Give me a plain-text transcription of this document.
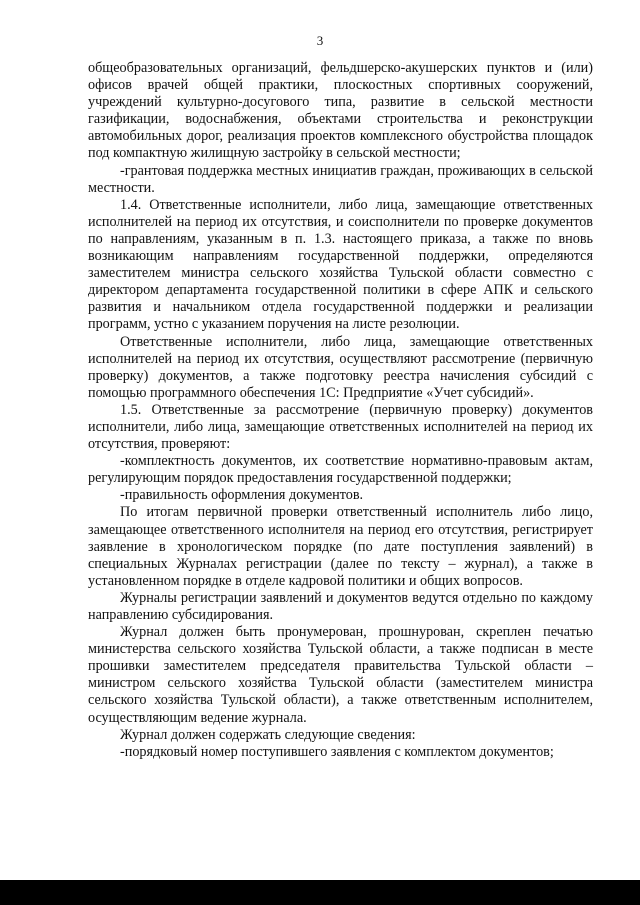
3

общеобразовательных организаций, фельдшерско-акушерских пунктов и (или) офисов врачей общей практики, плоскостных спортивных сооружений, учреждений культурно-досугового типа, развитие в сельской местности газификации, водоснабжения, объектами строительства и реконструкции автомобильных дорог, реализация проектов комплексного обустройства площадок под компактную жилищную застройку в сельской местности;

-грантовая поддержка местных инициатив граждан, проживающих в сельской местности.

1.4. Ответственные исполнители, либо лица, замещающие ответственных исполнителей на период их отсутствия, и соисполнители по проверке документов по направлениям, указанным в п. 1.3. настоящего приказа, а также по вновь возникающим направлениям государственной поддержки, определяются заместителем министра сельского хозяйства Тульской области совместно с директором департамента государственной политики в сфере АПК и сельского развития и начальником отдела государственной поддержки и реализации программ, устно с указанием поручения на листе резолюции.

Ответственные исполнители, либо лица, замещающие ответственных исполнителей на период их отсутствия, осуществляют рассмотрение (первичную проверку) документов, а также подготовку реестра начисления субсидий с помощью программного обеспечения 1С: Предприятие «Учет субсидий».

1.5. Ответственные за рассмотрение (первичную проверку) документов исполнители, либо лица, замещающие ответственных исполнителей на период их отсутствия, проверяют:

-комплектность документов, их соответствие нормативно-правовым актам, регулирующим порядок предоставления государственной поддержки;

-правильность оформления документов.

По итогам первичной проверки ответственный исполнитель либо лицо, замещающее ответственного исполнителя на период его отсутствия, регистрирует заявление в хронологическом порядке (по дате поступления заявлений) в специальных Журналах регистрации (далее по тексту – журнал), а также в установленном порядке в отделе кадровой политики и общих вопросов.

Журналы регистрации заявлений и документов ведутся отдельно по каждому направлению субсидирования.

Журнал должен быть пронумерован, прошнурован, скреплен печатью министерства сельского хозяйства Тульской области, а также подписан в месте прошивки заместителем председателя правительства Тульской области – министром сельского хозяйства Тульской области (заместителем министра сельского хозяйства Тульской области), а также ответственным исполнителем, осуществляющим ведение журнала.

Журнал должен содержать следующие сведения:

-порядковый номер поступившего заявления с комплектом документов;
